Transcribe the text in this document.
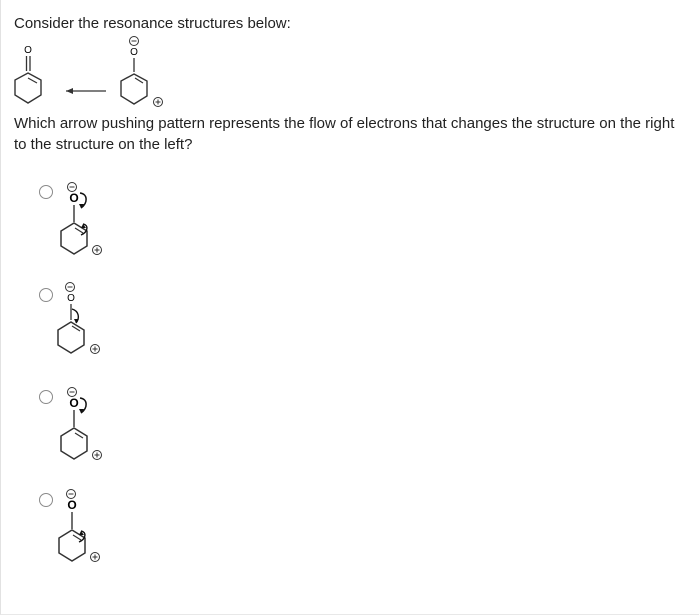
Consider the resonance structures below:

O	O

Which arrow pushing pattern represents the flow of electrons that changes the structure on the right to the structure on the left?

O
O
O
O
